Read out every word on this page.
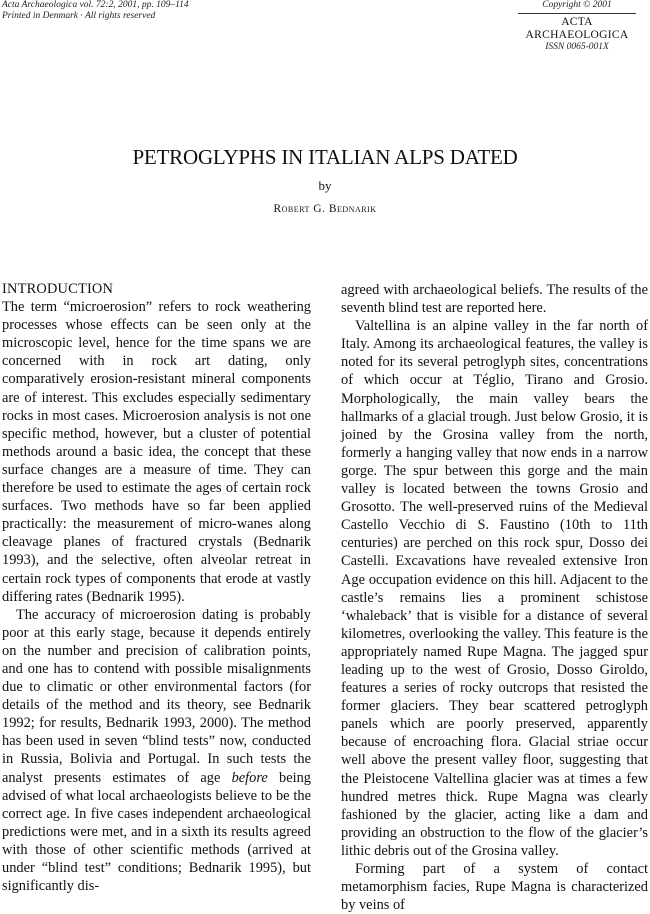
Acta Archaeologica vol. 72:2, 2001, pp. 109–114
Printed in Denmark · All rights reserved
Copyright © 2001
ACTA ARCHAEOLOGICA
ISSN 0065-001X
PETROGLYPHS IN ITALIAN ALPS DATED
by
Robert G. Bednarik
INTRODUCTION

The term “microerosion” refers to rock weathering processes whose effects can be seen only at the microscopic level, hence for the time spans we are concerned with in rock art dating, only comparatively erosion-resistant mineral components are of interest. This excludes especially sedimentary rocks in most cases. Microerosion analysis is not one specific method, however, but a cluster of potential methods around a basic idea, the concept that these surface changes are a measure of time. They can therefore be used to estimate the ages of certain rock surfaces. Two methods have so far been applied practically: the measurement of micro-wanes along cleavage planes of fractured crystals (Bednarik 1993), and the selective, often alveolar retreat in certain rock types of components that erode at vastly differing rates (Bednarik 1995).

The accuracy of microerosion dating is probably poor at this early stage, because it depends entirely on the number and precision of calibration points, and one has to contend with possible misalignments due to climatic or other environmental factors (for details of the method and its theory, see Bednarik 1992; for results, Bednarik 1993, 2000). The method has been used in seven “blind tests” now, conducted in Russia, Bolivia and Portugal. In such tests the analyst presents estimates of age before being advised of what local archaeologists believe to be the correct age. In five cases independent archaeological predictions were met, and in a sixth its results agreed with those of other scientific methods (arrived at under “blind test” conditions; Bednarik 1995), but significantly dis-

agreed with archaeological beliefs. The results of the seventh blind test are reported here.

Valtellina is an alpine valley in the far north of Italy. Among its archaeological features, the valley is noted for its several petroglyph sites, concentrations of which occur at Téglio, Tirano and Grosio. Morphologically, the main valley bears the hallmarks of a glacial trough. Just below Grosio, it is joined by the Grosina valley from the north, formerly a hanging valley that now ends in a narrow gorge. The spur between this gorge and the main valley is located between the towns Grosio and Grosotto. The well-preserved ruins of the Medieval Castello Vecchio di S. Faustino (10th to 11th centuries) are perched on this rock spur, Dosso dei Castelli. Excavations have revealed extensive Iron Age occupation evidence on this hill. Adjacent to the castle’s remains lies a prominent schistose ‘whaleback’ that is visible for a distance of several kilometres, overlooking the valley. This feature is the appropriately named Rupe Magna. The jagged spur leading up to the west of Grosio, Dosso Giroldo, features a series of rocky outcrops that resisted the former glaciers. They bear scattered petroglyph panels which are poorly preserved, apparently because of encroaching flora. Glacial striae occur well above the present valley floor, suggesting that the Pleistocene Valtellina glacier was at times a few hundred metres thick. Rupe Magna was clearly fashioned by the glacier, acting like a dam and providing an obstruction to the flow of the glacier’s lithic debris out of the Grosina valley.

Forming part of a system of contact metamorphism facies, Rupe Magna is characterized by veins of
